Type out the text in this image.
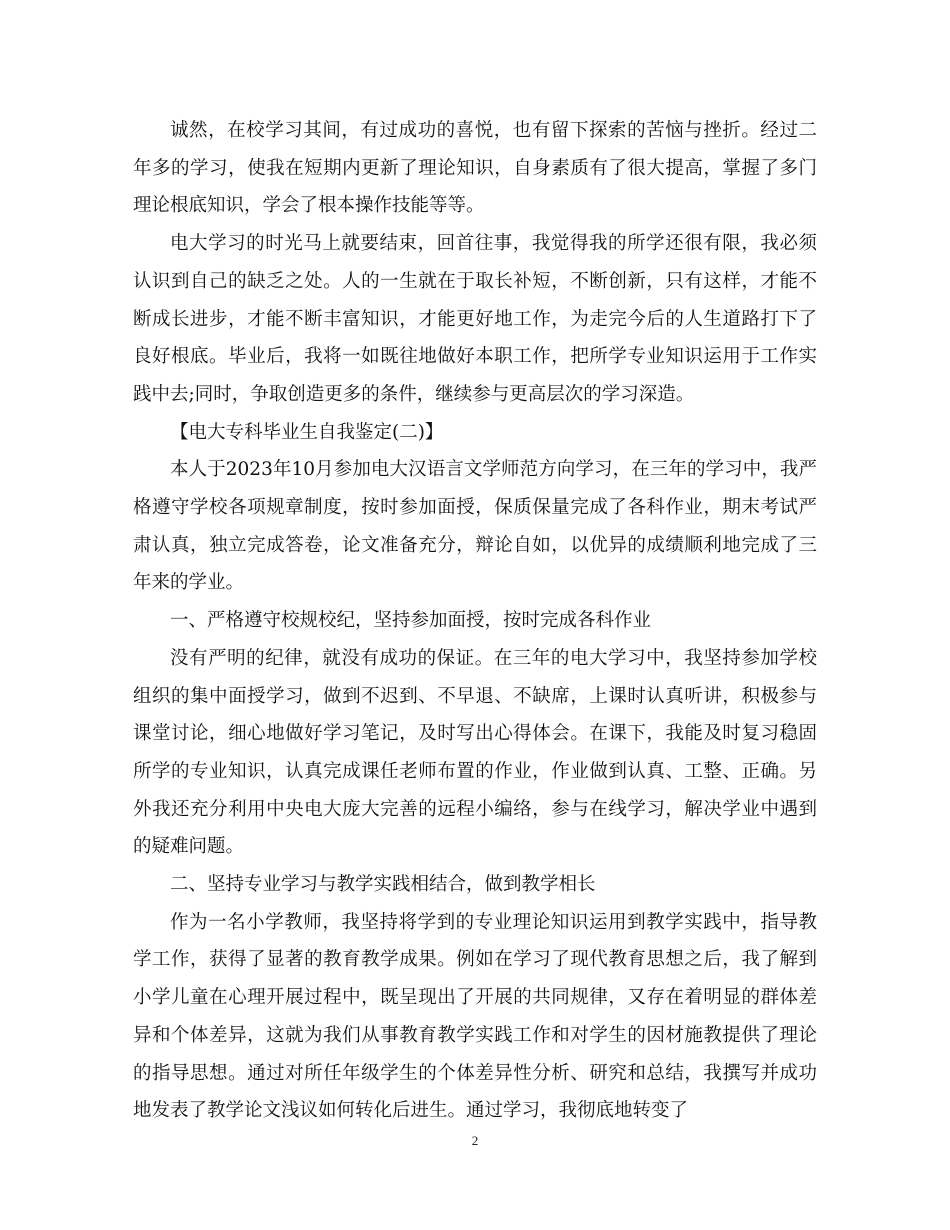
诚然，在校学习其间，有过成功的喜悦，也有留下探索的苦恼与挫折。经过二年多的学习，使我在短期内更新了理论知识，自身素质有了很大提高，掌握了多门理论根底知识，学会了根本操作技能等等。

电大学习的时光马上就要结束，回首往事，我觉得我的所学还很有限，我必须认识到自己的缺乏之处。人的一生就在于取长补短，不断创新，只有这样，才能不断成长进步，才能不断丰富知识，才能更好地工作，为走完今后的人生道路打下了良好根底。毕业后，我将一如既往地做好本职工作，把所学专业知识运用于工作实践中去;同时，争取创造更多的条件，继续参与更高层次的学习深造。

【电大专科毕业生自我鉴定(二)】

本人于2023年10月参加电大汉语言文学师范方向学习，在三年的学习中，我严格遵守学校各项规章制度，按时参加面授，保质保量完成了各科作业，期末考试严肃认真，独立完成答卷，论文准备充分，辩论自如，以优异的成绩顺利地完成了三年来的学业。

一、严格遵守校规校纪，坚持参加面授，按时完成各科作业

没有严明的纪律，就没有成功的保证。在三年的电大学习中，我坚持参加学校组织的集中面授学习，做到不迟到、不早退、不缺席，上课时认真听讲，积极参与课堂讨论，细心地做好学习笔记，及时写出心得体会。在课下，我能及时复习稳固所学的专业知识，认真完成课任老师布置的作业，作业做到认真、工整、正确。另外我还充分利用中央电大庞大完善的远程小编络，参与在线学习，解决学业中遇到的疑难问题。

二、坚持专业学习与教学实践相结合，做到教学相长

作为一名小学教师，我坚持将学到的专业理论知识运用到教学实践中，指导教学工作，获得了显著的教育教学成果。例如在学习了现代教育思想之后，我了解到小学儿童在心理开展过程中，既呈现出了开展的共同规律，又存在着明显的群体差异和个体差异，这就为我们从事教育教学实践工作和对学生的因材施教提供了理论的指导思想。通过对所任年级学生的个体差异性分析、研究和总结，我撰写并成功地发表了教学论文浅议如何转化后进生。通过学习，我彻底地转变了

2
